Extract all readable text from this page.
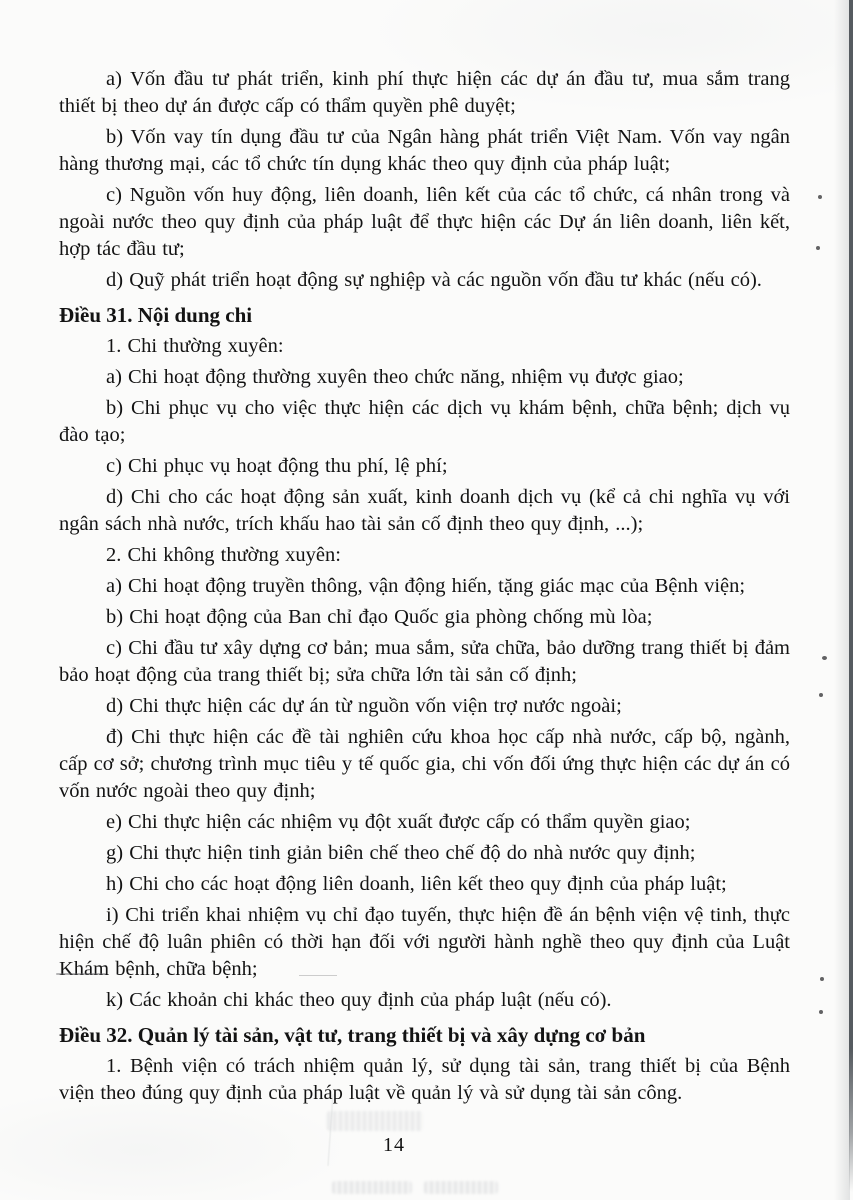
a) Vốn đầu tư phát triển, kinh phí thực hiện các dự án đầu tư, mua sắm trang thiết bị theo dự án được cấp có thẩm quyền phê duyệt;

b) Vốn vay tín dụng đầu tư của Ngân hàng phát triển Việt Nam. Vốn vay ngân hàng thương mại, các tổ chức tín dụng khác theo quy định của pháp luật;

c) Nguồn vốn huy động, liên doanh, liên kết của các tổ chức, cá nhân trong và ngoài nước theo quy định của pháp luật để thực hiện các Dự án liên doanh, liên kết, hợp tác đầu tư;

d) Quỹ phát triển hoạt động sự nghiệp và các nguồn vốn đầu tư khác (nếu có).

Điều 31. Nội dung chi

1. Chi thường xuyên:

a) Chi hoạt động thường xuyên theo chức năng, nhiệm vụ được giao;

b) Chi phục vụ cho việc thực hiện các dịch vụ khám bệnh, chữa bệnh; dịch vụ đào tạo;

c) Chi phục vụ hoạt động thu phí, lệ phí;

d) Chi cho các hoạt động sản xuất, kinh doanh dịch vụ (kể cả chi nghĩa vụ với ngân sách nhà nước, trích khấu hao tài sản cố định theo quy định, ...);

2. Chi không thường xuyên:

a) Chi hoạt động truyền thông, vận động hiến, tặng giác mạc của Bệnh viện;

b) Chi hoạt động của Ban chỉ đạo Quốc gia phòng chống mù lòa;

c) Chi đầu tư xây dựng cơ bản; mua sắm, sửa chữa, bảo dưỡng trang thiết bị đảm bảo hoạt động của trang thiết bị; sửa chữa lớn tài sản cố định;

d) Chi thực hiện các dự án từ nguồn vốn viện trợ nước ngoài;

đ) Chi thực hiện các đề tài nghiên cứu khoa học cấp nhà nước, cấp bộ, ngành, cấp cơ sở; chương trình mục tiêu y tế quốc gia, chi vốn đối ứng thực hiện các dự án có vốn nước ngoài theo quy định;

e) Chi thực hiện các nhiệm vụ đột xuất được cấp có thẩm quyền giao;

g) Chi thực hiện tinh giản biên chế theo chế độ do nhà nước quy định;

h) Chi cho các hoạt động liên doanh, liên kết theo quy định của pháp luật;

i) Chi triển khai nhiệm vụ chỉ đạo tuyến, thực hiện đề án bệnh viện vệ tinh, thực hiện chế độ luân phiên có thời hạn đối với người hành nghề theo quy định của Luật Khám bệnh, chữa bệnh;

k) Các khoản chi khác theo quy định của pháp luật (nếu có).

Điều 32. Quản lý tài sản, vật tư, trang thiết bị và xây dựng cơ bản

1. Bệnh viện có trách nhiệm quản lý, sử dụng tài sản, trang thiết bị của Bệnh viện theo đúng quy định của pháp luật về quản lý và sử dụng tài sản công.

14
